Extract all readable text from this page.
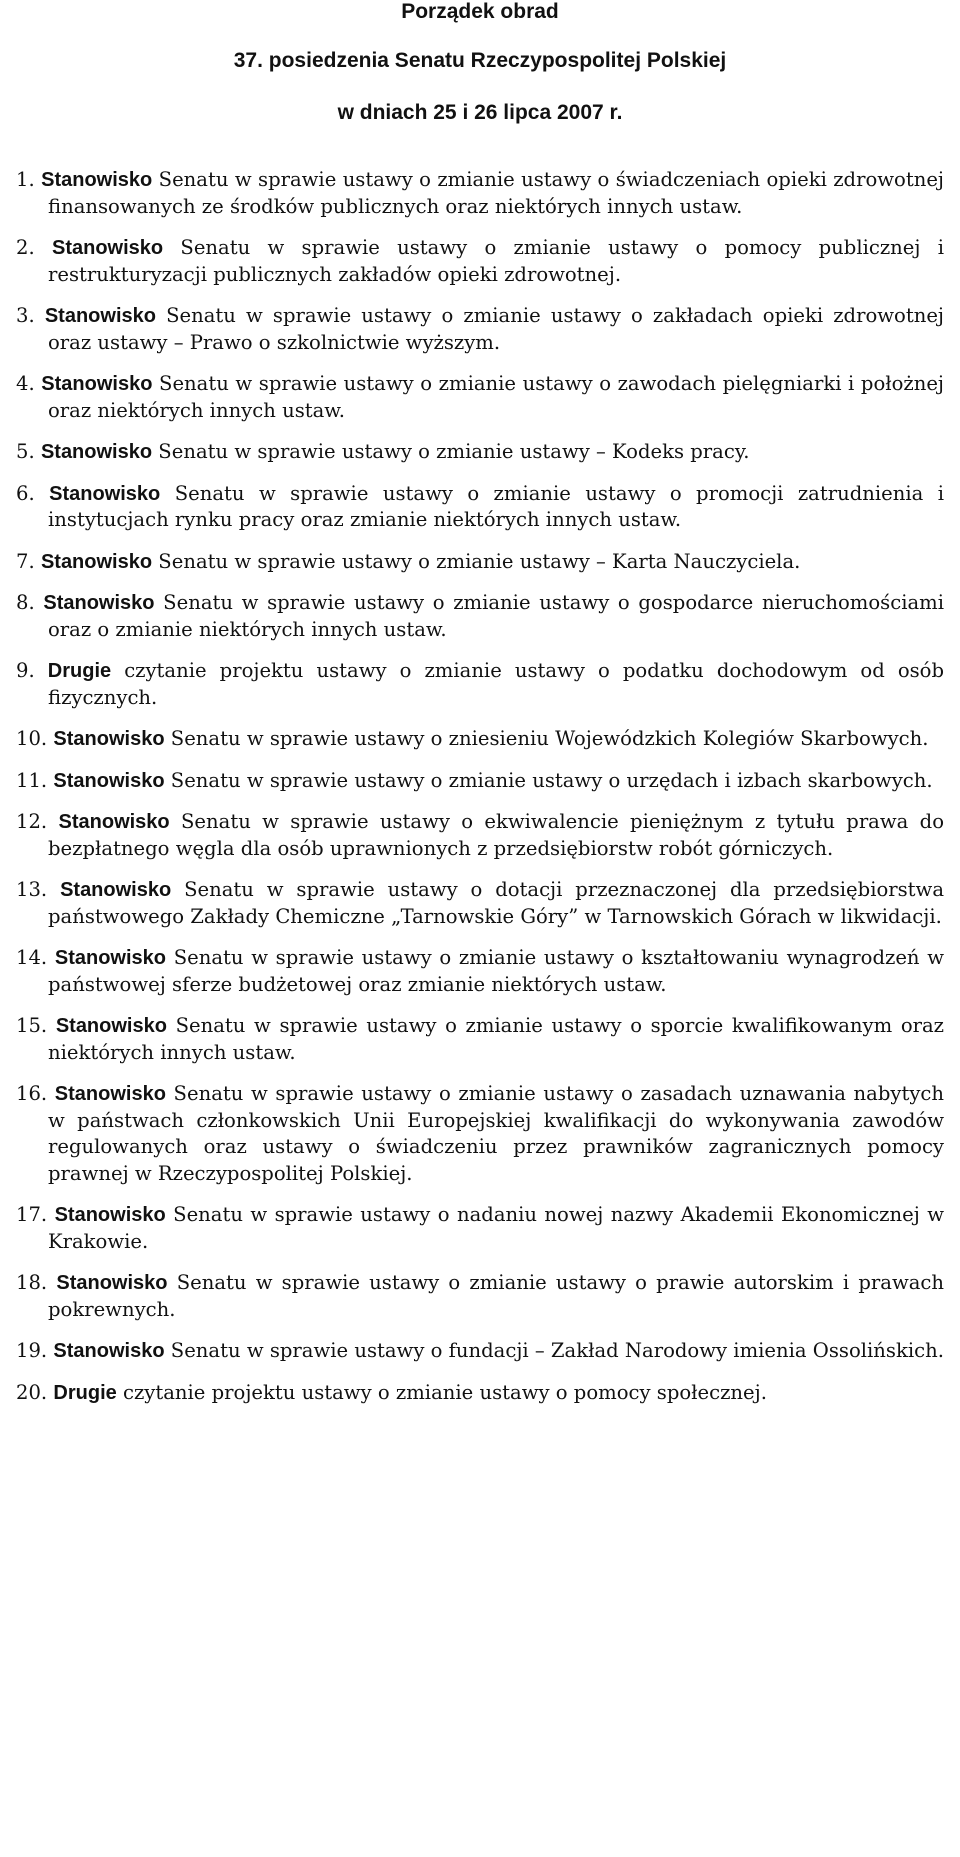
Porządek obrad
37. posiedzenia Senatu Rzeczypospolitej Polskiej
w dniach 25 i 26 lipca 2007 r.
1. Stanowisko Senatu w sprawie ustawy o zmianie ustawy o świadczeniach opieki zdrowotnej finansowanych ze środków publicznych oraz niektórych innych ustaw.
2. Stanowisko Senatu w sprawie ustawy o zmianie ustawy o pomocy publicznej i restrukturyzacji publicznych zakładów opieki zdrowotnej.
3. Stanowisko Senatu w sprawie ustawy o zmianie ustawy o zakładach opieki zdrowotnej oraz ustawy – Prawo o szkolnictwie wyższym.
4. Stanowisko Senatu w sprawie ustawy o zmianie ustawy o zawodach pielęgniarki i położnej oraz niektórych innych ustaw.
5. Stanowisko Senatu w sprawie ustawy o zmianie ustawy – Kodeks pracy.
6. Stanowisko Senatu w sprawie ustawy o zmianie ustawy o promocji zatrudnienia i instytucjach rynku pracy oraz zmianie niektórych innych ustaw.
7. Stanowisko Senatu w sprawie ustawy o zmianie ustawy – Karta Nauczyciela.
8. Stanowisko Senatu w sprawie ustawy o zmianie ustawy o gospodarce nieruchomościami oraz o zmianie niektórych innych ustaw.
9. Drugie czytanie projektu ustawy o zmianie ustawy o podatku dochodowym od osób fizycznych.
10. Stanowisko Senatu w sprawie ustawy o zniesieniu Wojewódzkich Kolegiów Skarbowych.
11. Stanowisko Senatu w sprawie ustawy o zmianie ustawy o urzędach i izbach skarbowych.
12. Stanowisko Senatu w sprawie ustawy o ekwiwalencie pieniężnym z tytułu prawa do bezpłatnego węgla dla osób uprawnionych z przedsiębiorstw robót górniczych.
13. Stanowisko Senatu w sprawie ustawy o dotacji przeznaczonej dla przedsiębiorstwa państwowego Zakłady Chemiczne „Tarnowskie Góry” w Tarnowskich Górach w likwidacji.
14. Stanowisko Senatu w sprawie ustawy o zmianie ustawy o kształtowaniu wynagrodzeń w państwowej sferze budżetowej oraz zmianie niektórych ustaw.
15. Stanowisko Senatu w sprawie ustawy o zmianie ustawy o sporcie kwalifikowanym oraz niektórych innych ustaw.
16. Stanowisko Senatu w sprawie ustawy o zmianie ustawy o zasadach uznawania nabytych w państwach członkowskich Unii Europejskiej kwalifikacji do wykonywania zawodów regulowanych oraz ustawy o świadczeniu przez prawników zagranicznych pomocy prawnej w Rzeczypospolitej Polskiej.
17. Stanowisko Senatu w sprawie ustawy o nadaniu nowej nazwy Akademii Ekonomicznej w Krakowie.
18. Stanowisko Senatu w sprawie ustawy o zmianie ustawy o prawie autorskim i prawach pokrewnych.
19. Stanowisko Senatu w sprawie ustawy o fundacji – Zakład Narodowy imienia Ossolińskich.
20. Drugie czytanie projektu ustawy o zmianie ustawy o pomocy społecznej.
